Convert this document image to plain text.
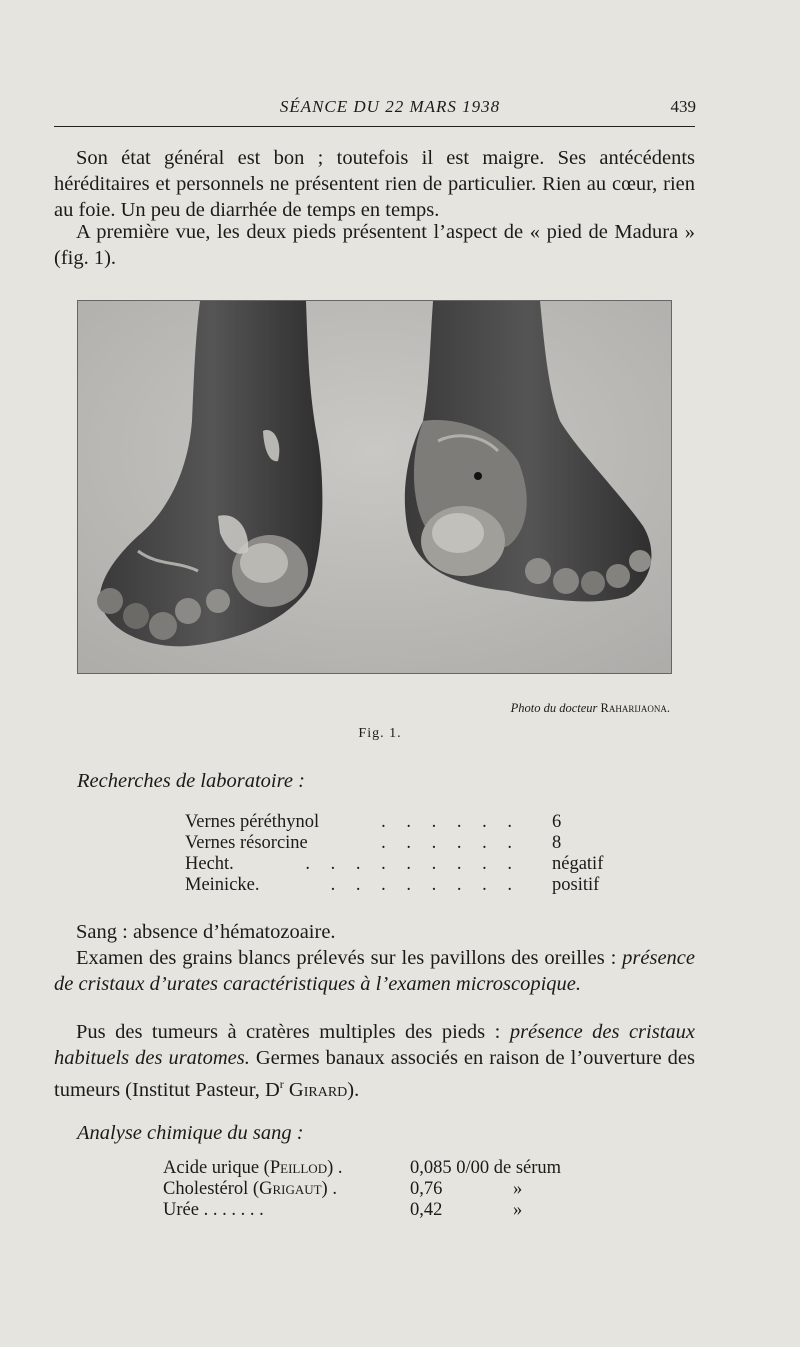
SÉANCE DU 22 MARS 1938	439

Son état général est bon ; toutefois il est maigre. Ses antécédents héréditaires et personnels ne présentent rien de particulier. Rien au cœur, rien au foie. Un peu de diarrhée de temps en temps.

A première vue, les deux pieds présentent l’aspect de « pied de Madura » (fig. 1).

Photo du docteur Raharijaona.
Fig. 1.

Recherches de laboratoire :

. . . . . .
Vernes péréthynol	6
. . . . . .
Vernes résorcine	8
. . . . . . . . .
Hecht.	négatif
. . . . . . . .
Meinicke.	positif

Sang : absence d’hématozoaire.

Examen des grains blancs prélevés sur les pavillons des oreilles : présence de cristaux d’urates caractéristiques à l’examen microscopique.

Pus des tumeurs à cratères multiples des pieds : présence des cristaux habituels des uratomes. Germes banaux associés en raison de l’ouverture des tumeurs (Institut Pasteur, $D^r$ Girard).

Analyse chimique du sang :

Acide urique (Peillod) .	0,085 0/00 de sérum
Cholestérol (Grigaut) .	0,76	»
Urée . . . . . . .	0,42	»
